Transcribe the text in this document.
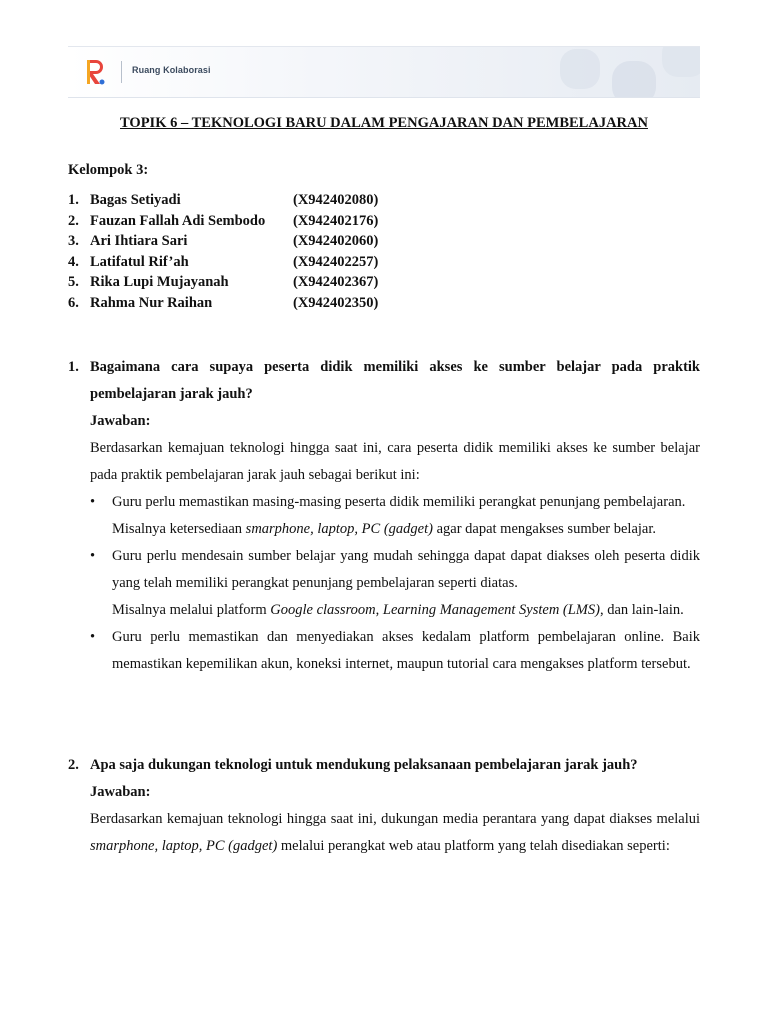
Ruang Kolaborasi
TOPIK 6 – TEKNOLOGI BARU DALAM PENGAJARAN DAN PEMBELAJARAN
Kelompok 3:
1. Bagas Setiyadi	(X942402080)
2. Fauzan Fallah Adi Sembodo (X942402176)
3. Ari Ihtiara Sari	(X942402060)
4. Latifatul Rif’ah	(X942402257)
5. Rika Lupi Mujayanah	(X942402367)
6. Rahma Nur Raihan	(X942402350)
1. Bagaimana cara supaya peserta didik memiliki akses ke sumber belajar pada praktik pembelajaran jarak jauh?
Jawaban:
Berdasarkan kemajuan teknologi hingga saat ini, cara peserta didik memiliki akses ke sumber belajar pada praktik pembelajaran jarak jauh sebagai berikut ini:
• Guru perlu memastikan masing-masing peserta didik memiliki perangkat penunjang pembelajaran.
Misalnya ketersediaan smarphone, laptop, PC (gadget) agar dapat mengakses sumber belajar.
• Guru perlu mendesain sumber belajar yang mudah sehingga dapat dapat diakses oleh peserta didik yang telah memiliki perangkat penunjang pembelajaran seperti diatas.
Misalnya melalui platform Google classroom, Learning Management System (LMS), dan lain-lain.
• Guru perlu memastikan dan menyediakan akses kedalam platform pembelajaran online. Baik memastikan kepemilikan akun, koneksi internet, maupun tutorial cara mengakses platform tersebut.
2. Apa saja dukungan teknologi untuk mendukung pelaksanaan pembelajaran jarak jauh?
Jawaban:
Berdasarkan kemajuan teknologi hingga saat ini, dukungan media perantara yang dapat diakses melalui smarphone, laptop, PC (gadget) melalui perangkat web atau platform yang telah disediakan seperti:
